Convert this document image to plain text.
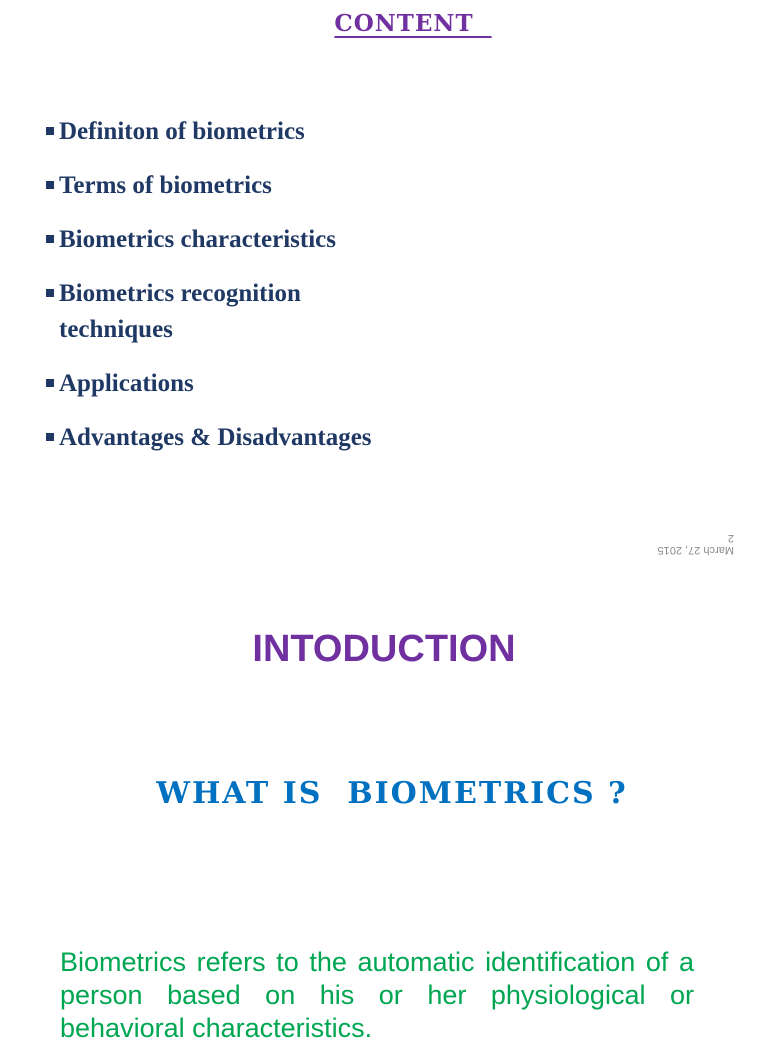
CONTENT
Definiton of biometrics
Terms of biometrics
Biometrics characteristics
Biometrics recognition techniques
Applications
Advantages & Disadvantages
March 27, 2015
2
INTODUCTION
WHAT IS  BIOMETRICS ?
Biometrics refers to the automatic identification of a person based on his or her physiological or behavioral characteristics.
